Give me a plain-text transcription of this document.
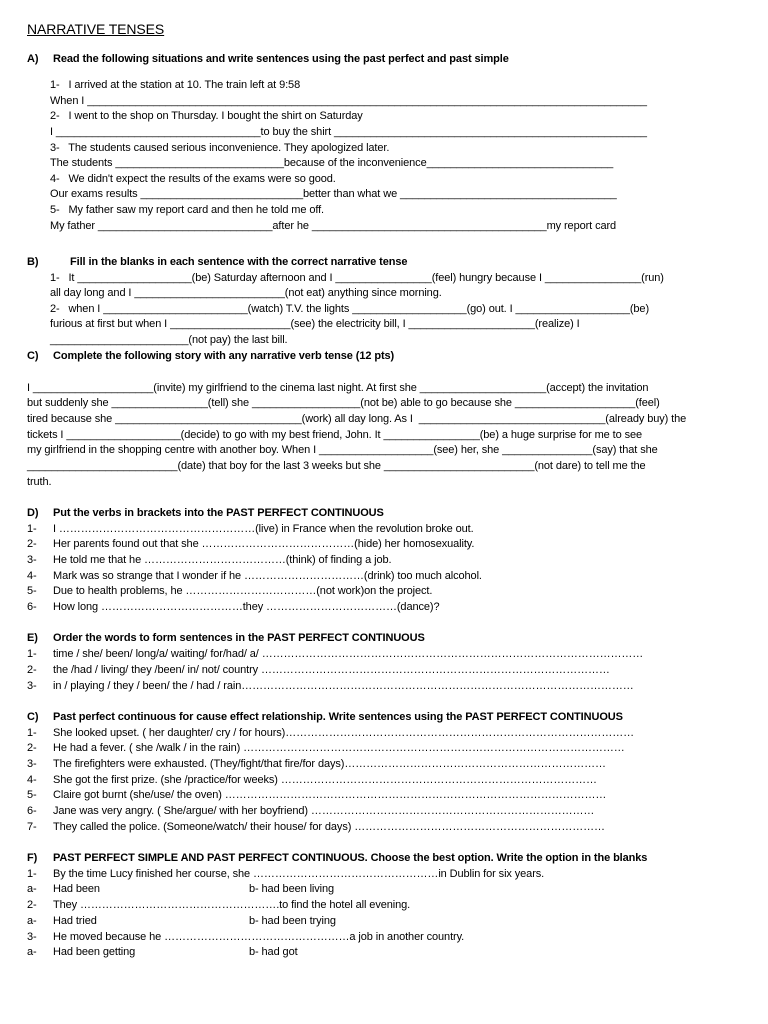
NARRATIVE TENSES
A) Read the following situations and write sentences using the past perfect and past simple
1-   I arrived at the station at 10. The train left at 9:58
When I _____________________________________________________________________________________________
2-   I went to the shop on Thursday. I bought the shirt on Saturday
I __________________________________to buy the shirt ____________________________________________________
3-   The students caused serious inconvenience. They apologized later.
The students ____________________________because of the inconvenience_______________________________
4-   We didn't expect the results of the exams were so good.
Our exams results ___________________________better than what we ____________________________________
5-   My father saw my report card and then he told me off.
My father _____________________________after he _______________________________________my report card
B)	Fill in the blanks in each sentence with the correct narrative tense
1-   It ___________________(be) Saturday afternoon and I ________________(feel) hungry because I ________________(run)
all day long and I _________________________(not eat) anything since morning.
2-   when I ________________________(watch) T.V. the lights ___________________(go) out. I ___________________(be)
furious at first but when I ____________________(see) the electricity bill, I _____________________(realize) I
_______________________(not pay) the last bill.
C) Complete the following story with any narrative verb tense (12 pts)
I ____________________(invite) my girlfriend to the cinema last night. At first she _____________________(accept) the invitation
but suddenly she ________________(tell) she __________________(not be) able to go because she ____________________(feel)
tired because she _______________________________(work) all day long. As I  _______________________________(already buy) the
tickets I ___________________(decide) to go with my best friend, John. It ________________(be) a huge surprise for me to see
my girlfriend in the shopping centre with another boy. When I ___________________(see) her, she _______________(say) that she
_________________________(date) that boy for the last 3 weeks but she _________________________(not dare) to tell me the
truth.
D) Put the verbs in brackets into the PAST PERFECT CONTINUOUS
1- I ………………………………………………(live) in France when the revolution broke out.
2- Her parents found out that she ……………………………………(hide) her homosexuality.
3- He told me that he …………………………………(think) of finding a job.
4- Mark was so strange that I wonder if he ……………………………(drink) too much alcohol.
5- Due to health problems, he ………………………………(not work)on the project.
6- How long …………………………………they ………………………………(dance)?
E) Order the words to form sentences in the PAST PERFECT CONTINUOUS
1- time / she/ been/ long/a/ waiting/ for/had/ a/ ……………………………………………………………………………………………
2- the /had / living/ they /been/ in/ not/ country ……………………………………………………………………………………
3- in / playing / they / been/ the / had / rain………………………………………………………………………………………………
C) Past perfect continuous for cause effect relationship. Write sentences using the PAST PERFECT CONTINUOUS
1- She looked upset. ( her daughter/ cry / for hours)……………………………………………………………………………………
2- He had a fever. ( she /walk / in the rain) ……………………………………………………………………………………………
3- The firefighters were exhausted. (They/fight/that fire/for days)………………………………………………………………
4- She got the first prize. (she /practice/for weeks) ……………………………………………………………………………
5- Claire got burnt (she/use/ the oven) ……………………………………………………………………………………………
6- Jane was very angry. ( She/argue/ with her boyfriend) ……………………………………………………………………
7- They called the police. (Someone/watch/ their house/ for days) ……………………………………………………………
F) PAST PERFECT SIMPLE AND PAST PERFECT CONTINUOUS. Choose the best option. Write the option in the blanks
1- By the time Lucy finished her course, she ……………………………………………in Dublin for six years.
a- Had been	b- had been living
2- They ……………………………………………….to find the hotel all evening.
a- Had tried	b- had been trying
3- He moved because he ……………………………………………a job in another country.
a- Had been getting	b- had got
